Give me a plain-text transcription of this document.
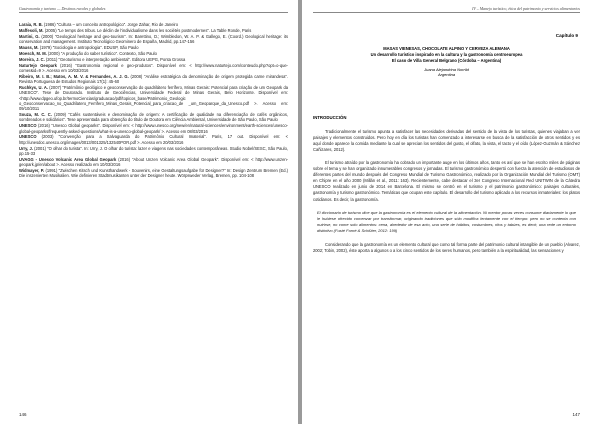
Gastronomía y turismo — Destinos rurales y globales
Laraia, R. B. (1986) "Cultura – um conceito antropológico". Jorge Zahar, Rio de Janeiro
Maffesoli, M. (2005) "Le temps des tribus. Le déclin de l'individualisme dans les sociétés postmodernes". La Table Ronde, Paris
Martini, G. (2000) "Geological heritage and geo-tourism". In: Barettino, D.; Wimbledon, W. A. P. & Gallego, E. (Coord.) Geological heritage: its conservation and management. Instituto Tecnológico Geominero de España, Madrid, pp.147-156
Mauss, M. (1979) "Sociologia e antropologia". EDUSP, São Paulo
Moesch, M. M. (2000) "A produção do saber turístico". Contexto, São Paulo
Moreira, J. C. (2011) "Geoturismo e interpretação ambiental". Editora UEPG, Ponta Grossa
Naturtejo Geopark (2016) "Gastronomia regional e geo-produtos". Disponível em: < http://www.naturtejo.com/conteudo.php?opt=o-que-comer&id=9 >. Acesso em 10/03/2016
Ribeiro, M. I. B.; Matos, A. M. V. & Fernandes, A. J. G. (2008) "Análise estratégica da denominação de origem protegida carne mirandesa". Revista Portuguesa de Estudos Regionais 17(1): 45-60
Ruchkys, U. A. (2007) "Patrimônio geológico e geoconservação do quadrilátero ferrífero, Minas Gerais: Potencial para criação de um Geopark da UNESCO". Tese de Doutorado. Instituto de Geociências, Universidade Federal de Minas Gerais, Belo Horizonte. Disponível em:<http://www.dpgeo.ufop.br/termoCiencias/graduacao/pdf/topicos_base/Patrimonio_Geologic o_Geoconservacao_no_Quadrilatero_Ferrifero_Minas_Gerais_Potencial_para_criacao_de _um_Geoparque_da_Unesco.pdf >. Acesso em: 09/10/2011
Souza, M. C. C. (2009) "Cafés sustentáveis e denominação de origem: A certificação de qualidade na diferenciação de cafés orgânicos, sombreados e solidários". Tese apresentada para obtenção do título de Doutora em Ciência Ambiental, Universidade de São Paulo, São Paulo
UNESCO (2016) "Unesco Global geoparks". Disponível em: < http://www.unesco.org/new/en/natural-sciences/environment/earth-sciences/unesco-global-geoparks/frequently-asked-questions/what-is-a-unesco-global-geopark/ >. Acesso em 08/03/2016
UNESCO (2003) "Convenção para a Salvaguarda do Patrimônio Cultural Imaterial". Paris, 17 out. Disponível em: < http://unesdoc.unesco.org/images/0013/001325/132540POR.pdf >. Acesso em 20/03/2016
Urry, J. (2001) "O olhar do turista". In: Urry, J. O olhar do turista: lazer e viagens nas sociedades contemporâneas. Studio Nobel/SESC, São Paulo, pp.15-33
UVAGG - Unesco Volcanic Area Global Geopark (2016) "About Unzen Volcanic Area Global Geopark". Disponível em: < http://www.unzen-geopark.jp/en/about >. Acesso realizado em 10/03/2016
Widmayer, P. (1991) "Zwischen Kitsch und Kunsthandwerk - Souvenirs, eine Gestaltungsaufgabe für Designer?" In: Design Zentrum Bremen (Ed.) Die inszenierten Musikalien. Wie definieren Stadtmusikanten unter der Designer heute. Wörpsweder Verlag, Bremen, pp. 104-108
146
IV – Manejo turístico, ética del patrimonio y servicios alimentarios
Capítulo 9
MASAS VIENESAS, CHOCOLATE ALPINO Y CERVEZA ALEMANA
Un desarrollo turístico inspirado en la cultura y la gastronomía centroeuropea
El caso de Villa General Belgrano (Córdoba – Argentina)
Juana Alejandrina Norrild
Argentina
INTRODUCCIÓN
Tradicionalmente el turismo apunta a satisfacer las necesidades derivadas del sentido de la vista de los turistas, quienes viajaban a ver paisajes y elementos construidos. Pero hoy en día los turistas han comenzado a interesarse en busca de la satisfacción de otros sentidos y es aquí donde aparece la comida mediante la cual se aprecian los sentidos del gusto, el olfato, la vista, el tacto y el oído (López-Guzmán & Sánchez Cañizares, 2012).
El turismo atraído por la gastronomía ha cobrado un importante auge en los últimos años, tanto es así que se han escrito miles de páginas sobre el tema y se han organizado innumerables congresos y jornadas. El turismo gastronómico despertó con fuerza la atención de estudiosos de diferentes partes del mundo después del Congreso Mundial de Turismo Gastronómico, realizado por la Organización Mundial del Turismo (OMT) en Chipre en el año 2000 (Millán et al., 2011: 163). Recientemente, cabe destacar el 3er Congreso Internacional Red UNITWIN de la Cátedra UNESCO realizado en junio de 2014 en Barcelona. El mismo se centró en el turismo y el patrimonio gastronómico: paisajes culturales, gastronomía y turismo gastronómico. Temáticas que ocupan este capítulo. El desarrollo del turismo aplicado a los recursos inmateriales: los platos cotidianos. Es decir, la gastronomía.
El diccionario de turismo dice que la gastronomía es el elemento cultural de la alimentación. Ni mentor pocas veces consume diariamente lo que le hubiese ofrecido comenzar por transformar, originando tradiciones que sólo modifica lentamente con el tiempo: pero no se contenta con nutrirse, no come solo alimentos: cena, alrededor de esa acto, una serie de hábitos, costumbres, ritos y tabúes, es decir, una rede un entorno distintivo (Fusté Forné & Schlüter, 2012: 199)
Considerando que la gastronomía es un elemento cultural que como tal forma parte del patrimonio cultural intangible de un pueblo (Alvarez, 2002; Tobin, 2002), éste aporta a algunos o a los cinco sentidos de los seres humanos, pero también a la espiritualidad, las sensaciones y
147
